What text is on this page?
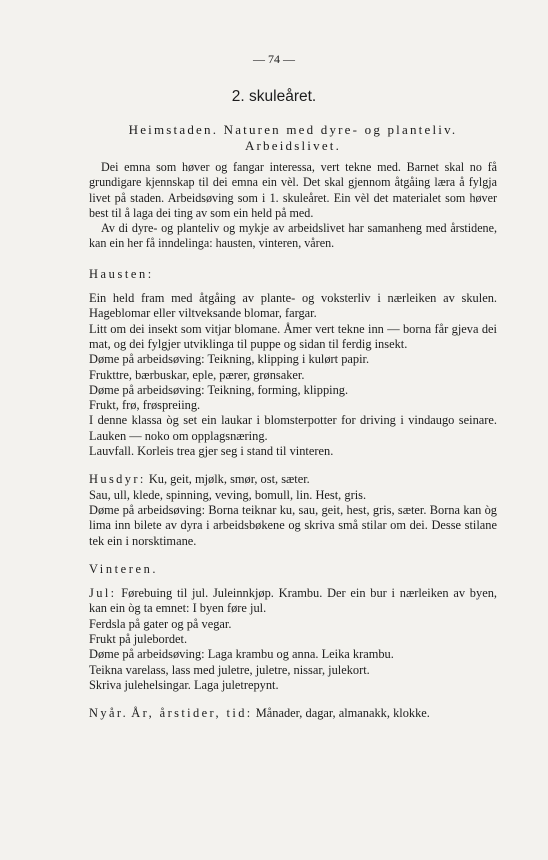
— 74 —
2. skuleåret.

Heimstaden. Naturen med dyre- og planteliv. Arbeidslivet.

Dei emna som høver og fangar interessa, vert tekne med. Barnet skal no få grundigare kjennskap til dei emna ein vèl. Det skal gjennom åtgåing læra å fylgja livet på staden. Arbeidsøving som i 1. skuleåret. Ein vèl det materialet som høver best til å laga dei ting av som ein held på med.

Av di dyre- og planteliv og mykje av arbeidslivet har samanheng med årstidene, kan ein her få inndelinga: hausten, vinteren, våren.

Hausten:

Ein held fram med åtgåing av plante- og voksterliv i nærleiken av skulen. Hageblomar eller viltveksande blomar, fargar.

Litt om dei insekt som vitjar blomane. Åmer vert tekne inn — borna får gjeva dei mat, og dei fylgjer utviklinga til puppe og sidan til ferdig insekt.

Døme på arbeidsøving: Teikning, klipping i kulørt papir.

Frukttre, bærbuskar, eple, pærer, grønsaker.

Døme på arbeidsøving: Teikning, forming, klipping.

Frukt, frø, frøspreiing.

I denne klassa òg set ein laukar i blomsterpotter for driving i vindaugo seinare. Lauken — noko om opplagsnæring.

Lauvfall. Korleis trea gjer seg i stand til vinteren.

Husdyr: Ku, geit, mjølk, smør, ost, sæter.

Sau, ull, klede, spinning, veving, bomull, lin. Hest, gris.

Døme på arbeidsøving: Borna teiknar ku, sau, geit, hest, gris, sæter. Borna kan òg lima inn bilete av dyra i arbeidsbøkene og skriva små stilar om dei. Desse stilane tek ein i norsktimane.

Vinteren.

Jul: Førebuing til jul. Juleinnkjøp. Krambu. Der ein bur i nærleiken av byen, kan ein òg ta emnet: I byen føre jul.

Ferdsla på gater og på vegar.

Frukt på julebordet.

Døme på arbeidsøving: Laga krambu og anna. Leika krambu.

Teikna varelass, lass med juletre, juletre, nissar, julekort.

Skriva julehelsingar. Laga juletrepynt.

Nyår. År, årstider, tid: Månader, dagar, almanakk, klokke.
